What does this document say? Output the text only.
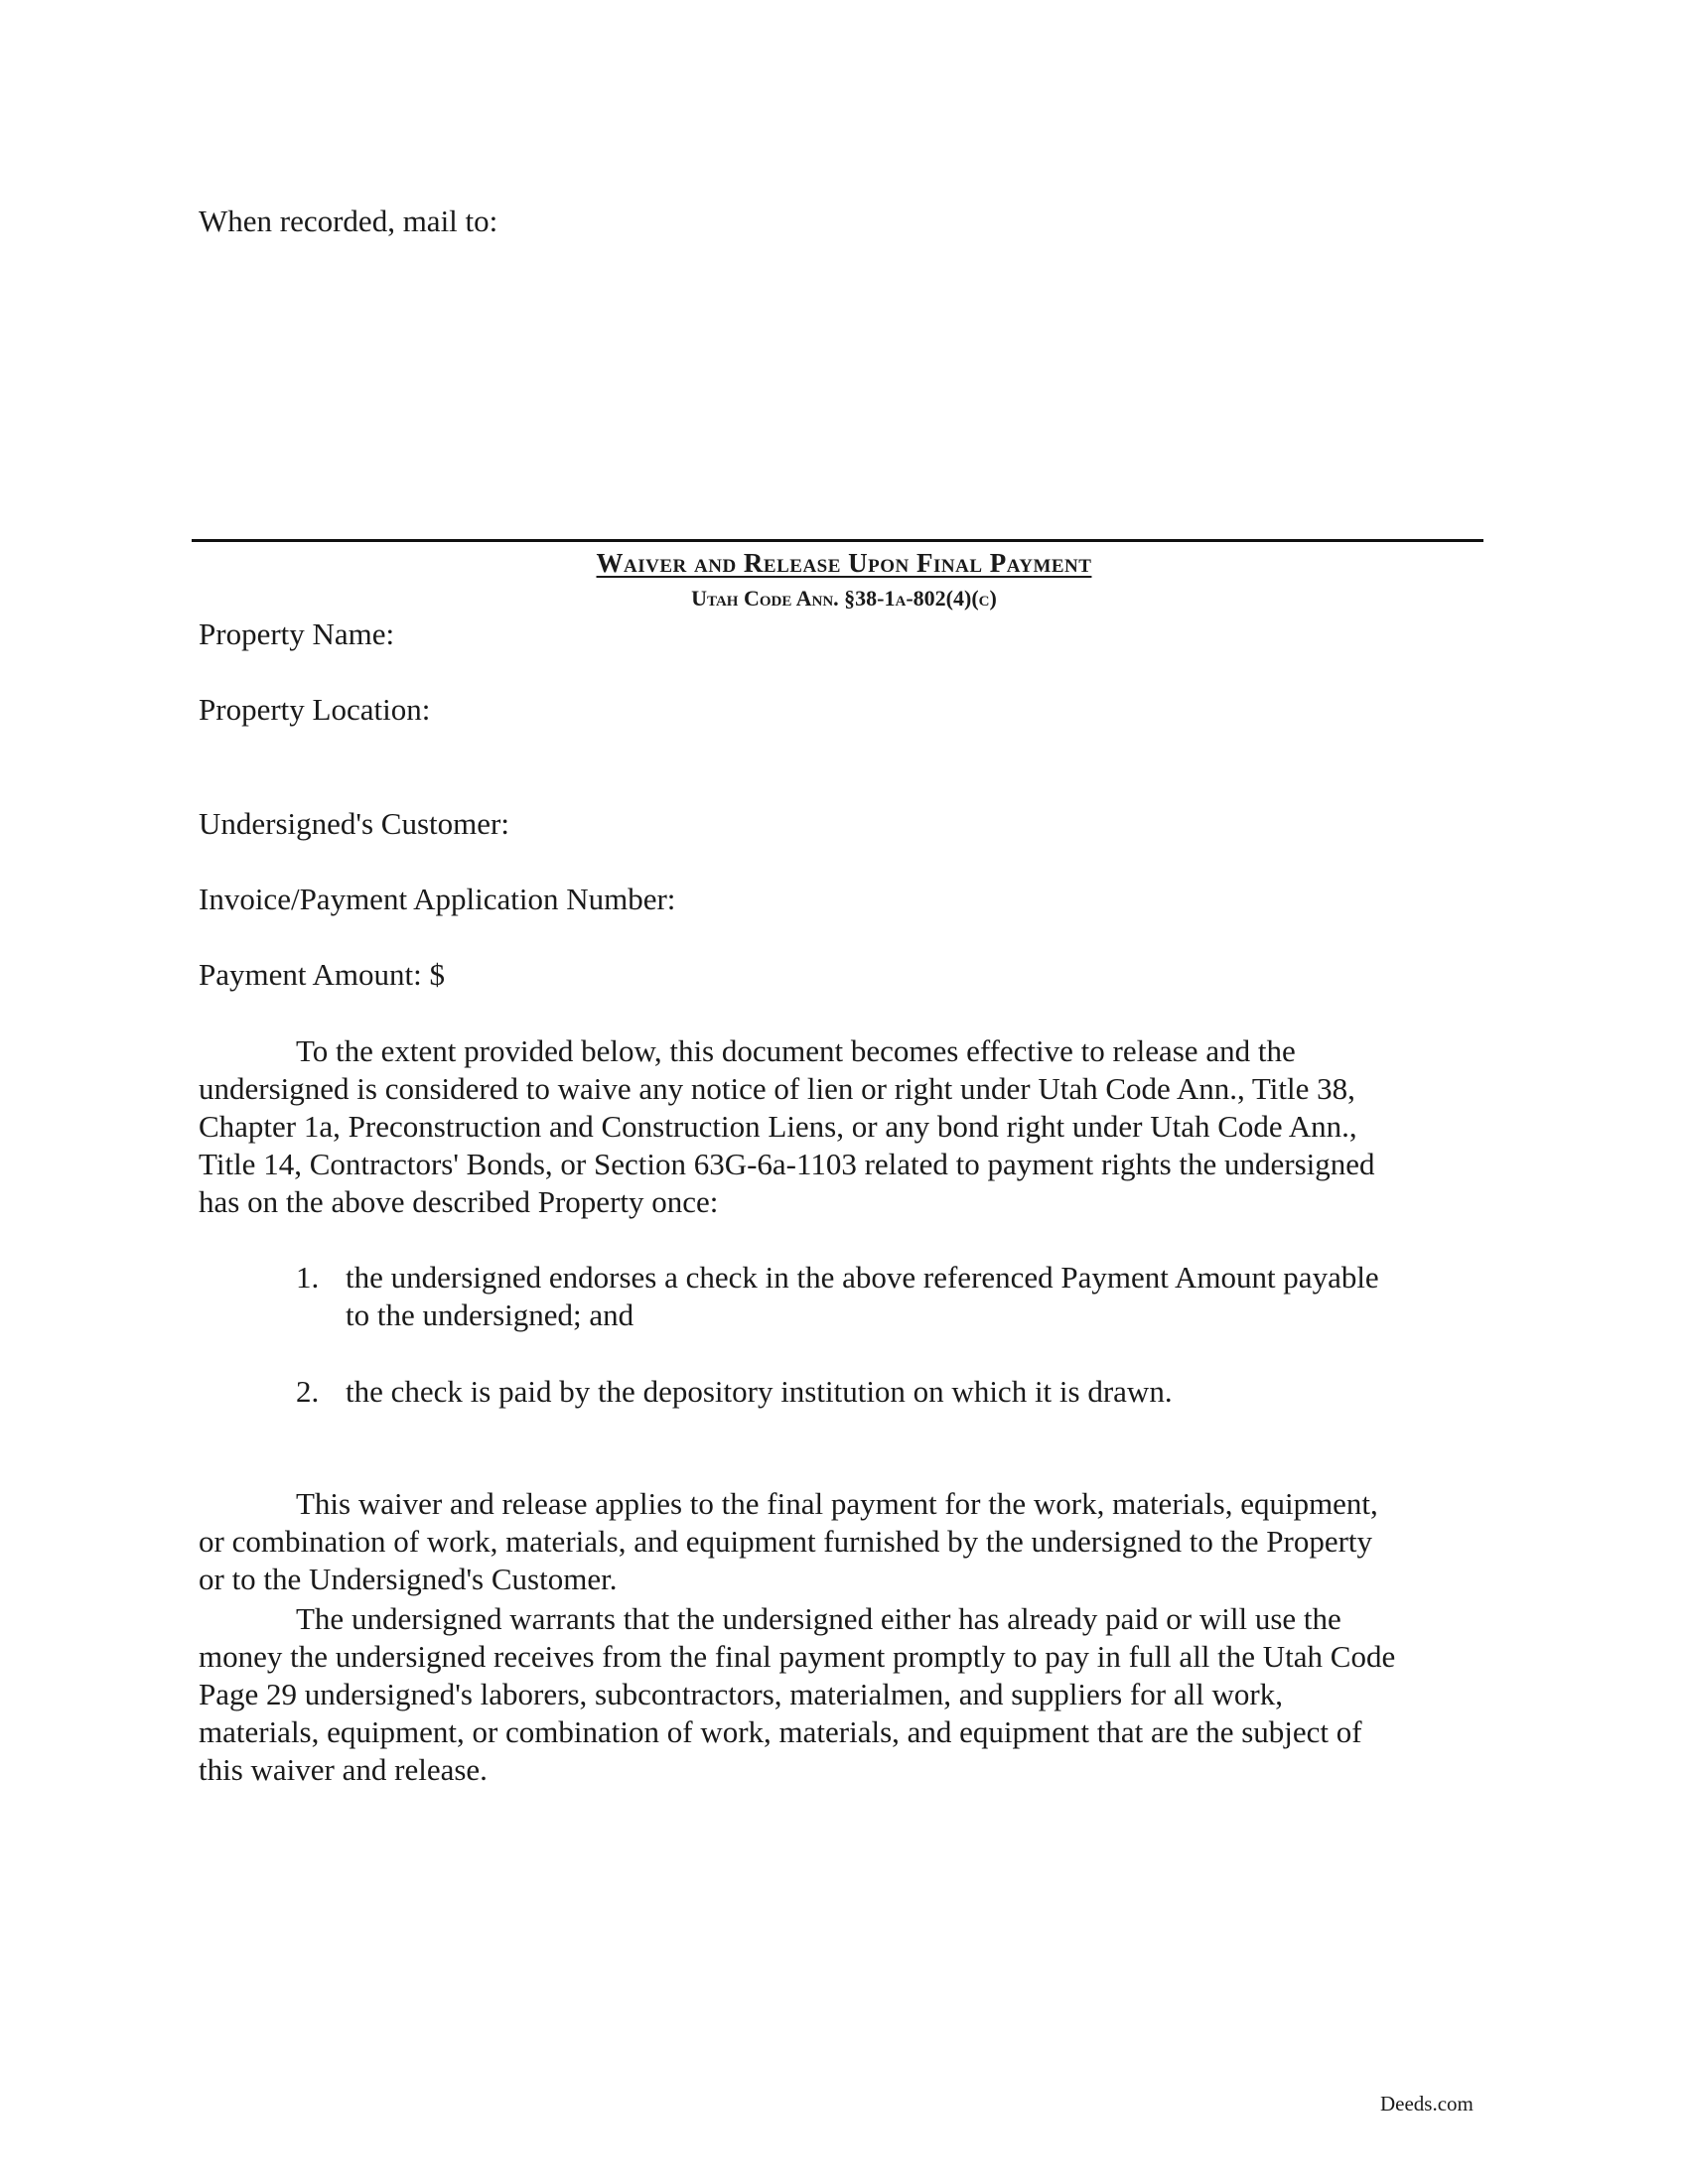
When recorded, mail to:
Waiver and Release Upon Final Payment
Utah Code Ann. §38-1a-802(4)(c)
Property Name:
Property Location:
Undersigned's Customer:
Invoice/Payment Application Number:
Payment Amount: $
To the extent provided below, this document becomes effective to release and the
undersigned is considered to waive any notice of lien or right under Utah Code Ann., Title 38,
Chapter 1a, Preconstruction and Construction Liens, or any bond right under Utah Code Ann.,
Title 14, Contractors' Bonds, or Section 63G-6a-1103 related to payment rights the undersigned
has on the above described Property once:
1. the undersigned endorses a check in the above referenced Payment Amount payable
to the undersigned; and
2. the check is paid by the depository institution on which it is drawn.
This waiver and release applies to the final payment for the work, materials, equipment,
or combination of work, materials, and equipment furnished by the undersigned to the Property
or to the Undersigned's Customer.
The undersigned warrants that the undersigned either has already paid or will use the
money the undersigned receives from the final payment promptly to pay in full all the Utah Code
Page 29 undersigned's laborers, subcontractors, materialmen, and suppliers for all work,
materials, equipment, or combination of work, materials, and equipment that are the subject of
this waiver and release.
Deeds.com
